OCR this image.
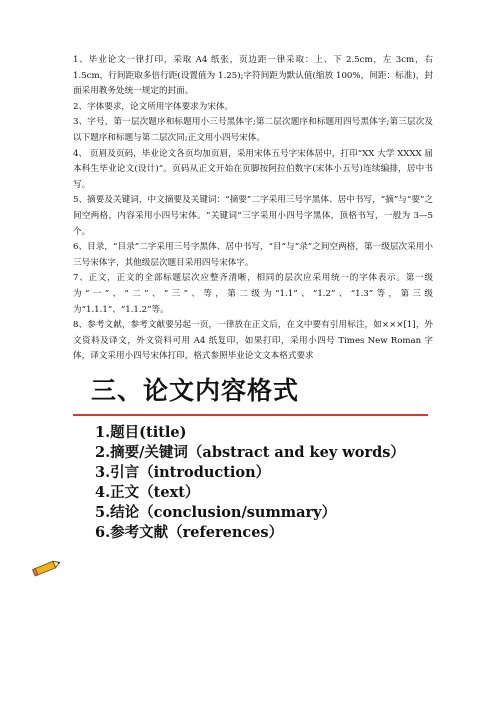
1、毕业论文一律打印，采取 A4 纸张，页边距一律采取：上、下 2.5cm，左 3cm，右 1.5cm，行间距取多倍行距(设置值为 1.25);字符间距为默认值(缩放 100%，间距：标准)，封面采用教务处统一规定的封面。

2、字体要求，论文所用字体要求为宋体。

3、字号，第一层次题序和标题用小三号黑体字;第二层次题序和标题用四号黑体字;第三层次及以下题序和标题与第二层次同;正文用小四号宋体。

4、 页眉及页码，毕业论文各页均加页眉，采用宋体五号字宋体居中，打印“XX 大学 XXXX 届本科生毕业论文(设计)”。页码从正文开始在页脚按阿拉伯数字(宋体小五号)连续编排，居中书写。

5、摘要及关键词，中文摘要及关键词：“摘要”二字采用三号字黑体、居中书写，“摘”与“要”之间空两格，内容采用小四号宋体。“关键词”三字采用小四号字黑体，顶格书写，一般为 3—5 个。

6、目录，“目录”二字采用三号字黑体、居中书写，“目”与“录”之间空两格，第一级层次采用小三号宋体字，其他级层次题目采用四号宋体字。

7、正文，正文的全部标题层次应整齐清晰，相同的层次应采用统一的字体表示。第一级为“一”、“二”、“三”、等，第二级为“1.1”、“1.2”、“1.3”等，第三级为“1.1.1”、“1.1.2”等。

8、参考文献，参考文献要另起一页，一律放在正文后，在文中要有引用标注，如×××[1]，外文资料及译文，外文资料可用 A4 纸复印，如果打印，采用小四号 Times New Roman 字体，译文采用小四号宋体打印，格式参照毕业论文文本格式要求

三、论文内容格式
1.题目(title)
2.摘要/关键词（abstract and key words）
3.引言（introduction）
4.正文（text）
5.结论（conclusion/summary）
6.参考文献（references）
